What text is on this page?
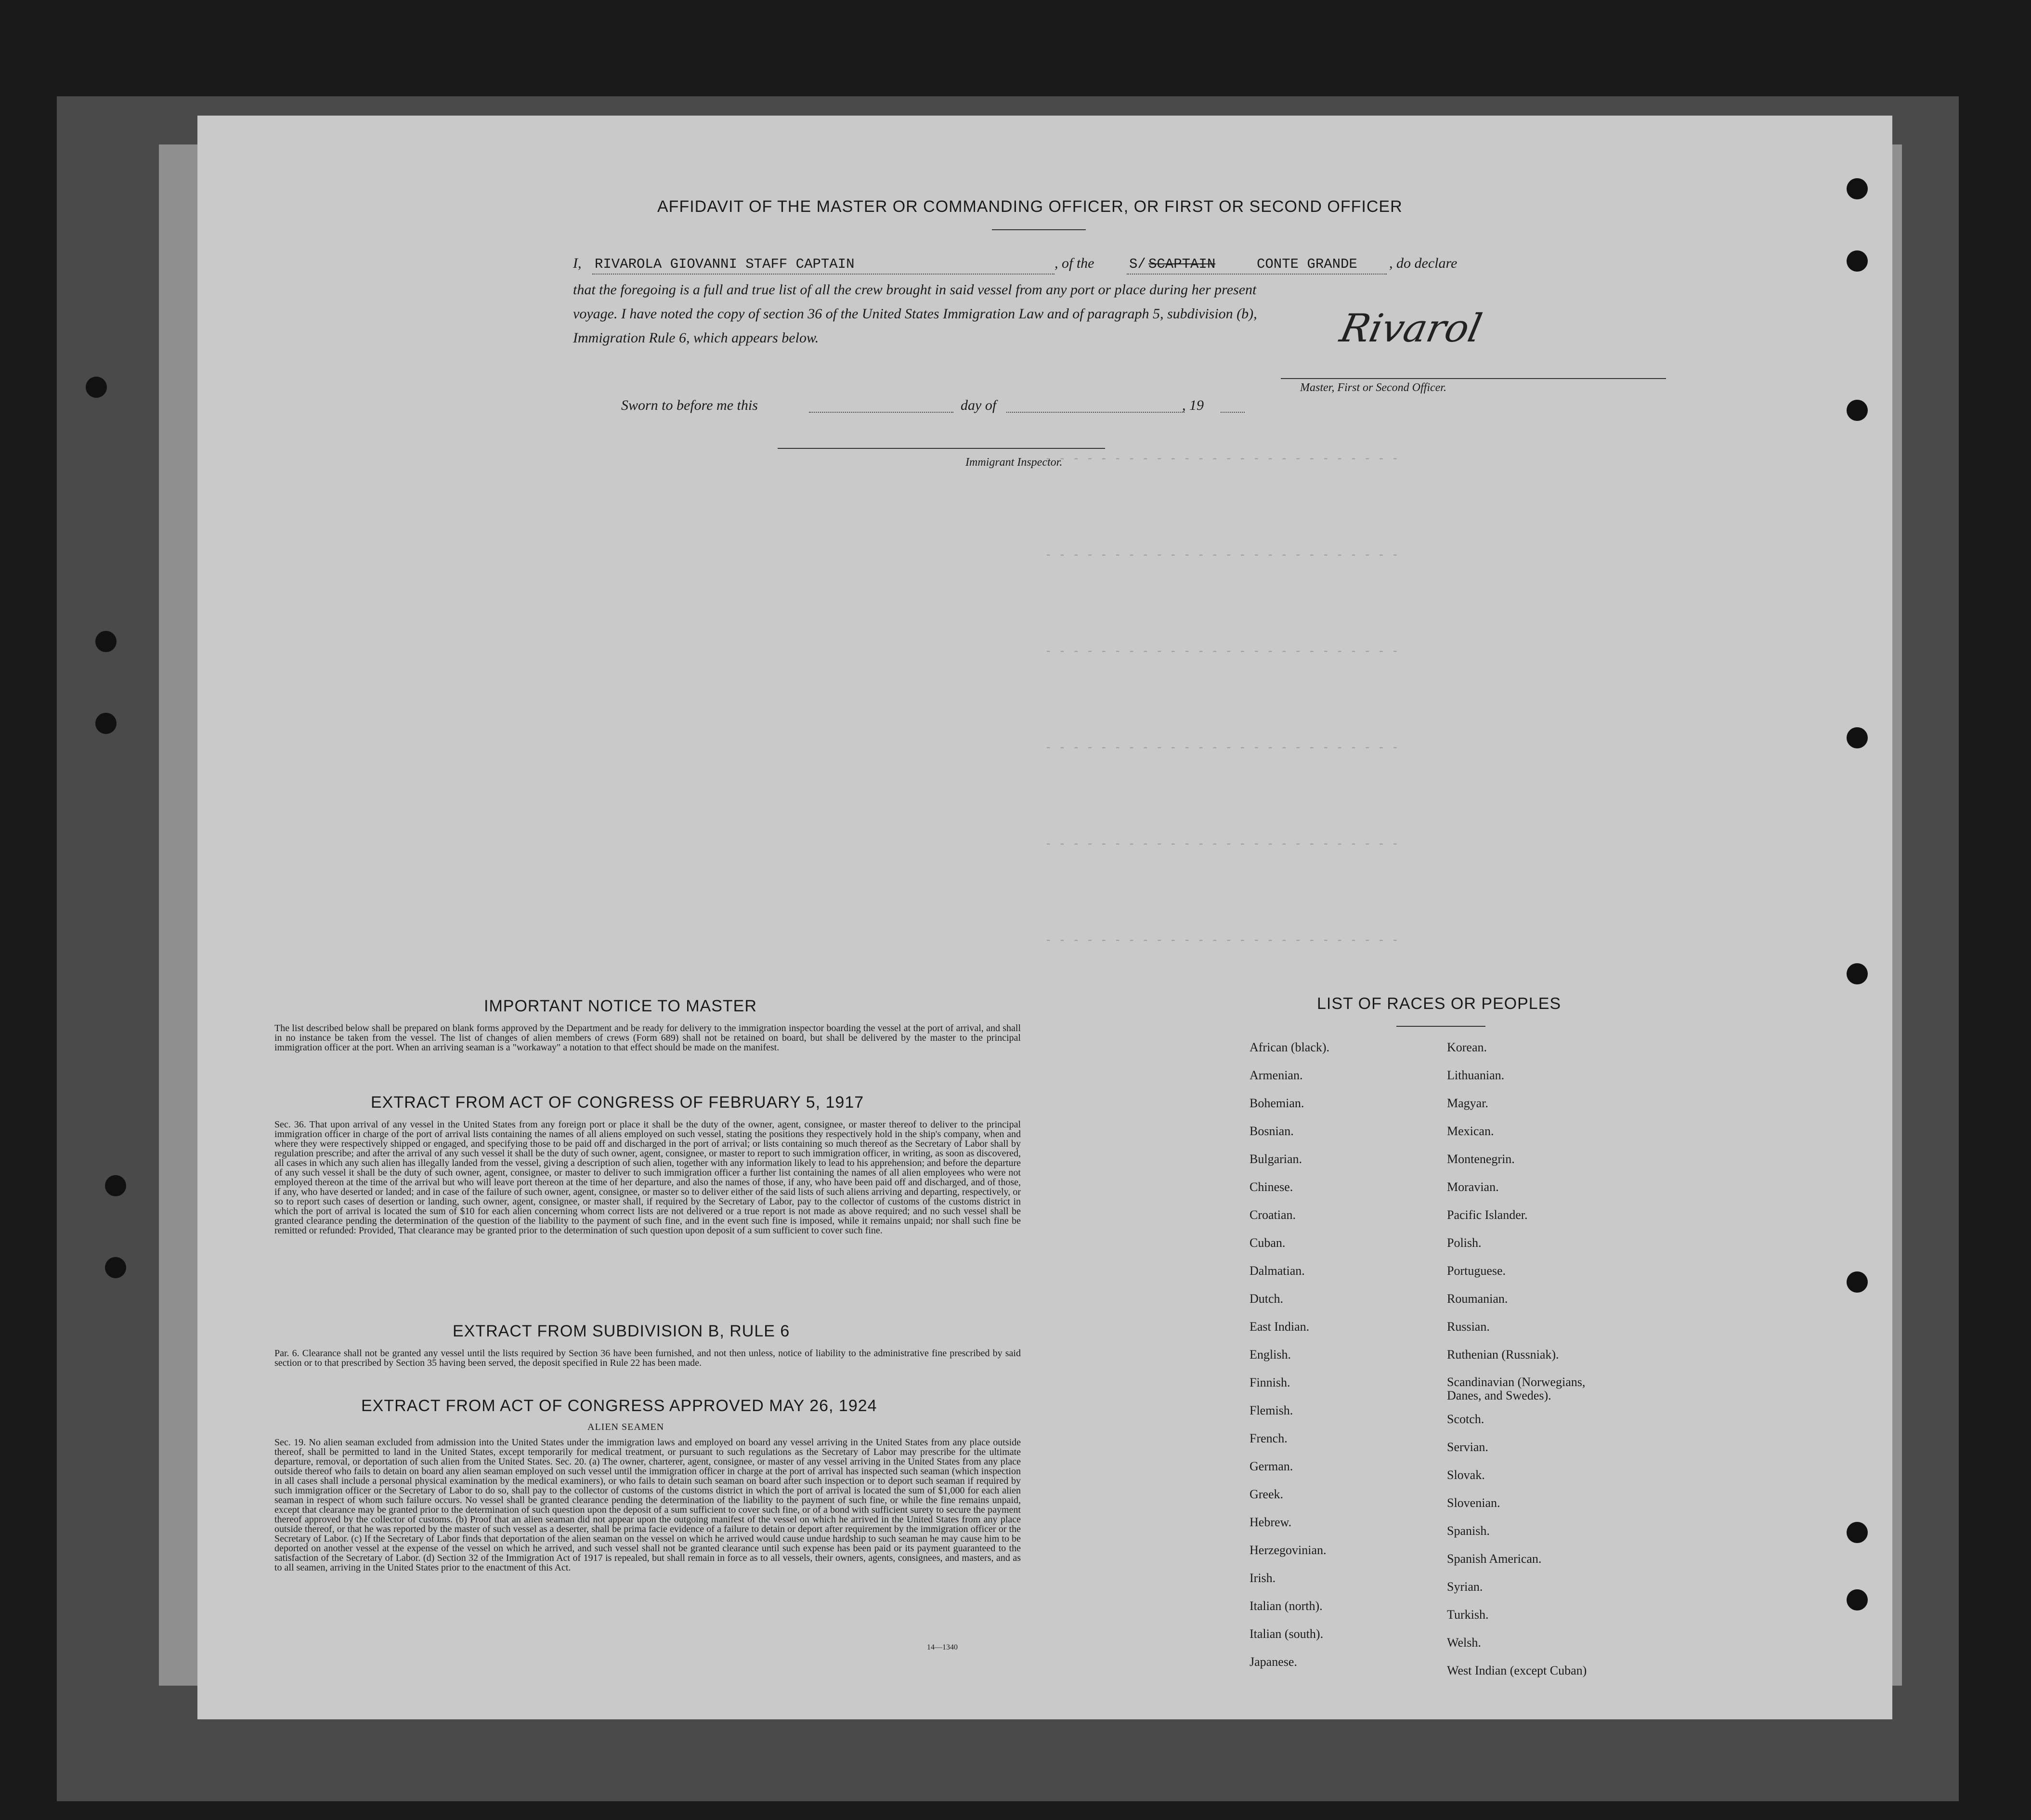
- - - - - - - - - - - - - - - - - - - - - - - - - -
- - - - - - - - - - - - - - - - - - - - - - - - - -
- - - - - - - - - - - - - - - - - - - - - - - - - -
- - - - - - - - - - - - - - - - - - - - - - - - - -
- - - - - - - - - - - - - - - - - - - - - - - - - -
- - - - - - - - - - - - - - - - - - - - - - - - - -
AFFIDAVIT OF THE MASTER OR COMMANDING OFFICER, OR FIRST OR SECOND OFFICER
I, RIVAROLA GIOVANNI STAFF CAPTAIN	, of the	S/ SCAPTAIN	CONTE GRANDE , do declare
that the foregoing is a full and true list of all the crew brought in said vessel from any port or place during her present
voyage. I have noted the copy of section 36 of the United States Immigration Law and of paragraph 5, subdivision (b),
Immigration Rule 6, which appears below.	Rivarol
Master, First or Second Officer.
Sworn to before me this	day of	, 19
Immigrant Inspector.
IMPORTANT NOTICE TO MASTER
The list described below shall be prepared on blank forms approved by the Department and be ready for delivery to the immigration inspector boarding the vessel at the port of arrival, and shall in no instance be taken from the vessel. The list of changes of alien members of crews (Form 689) shall not be retained on board, but shall be delivered by the master to the principal immigration officer at the port. When an arriving seaman is a "workaway" a notation to that effect should be made on the manifest.
EXTRACT FROM ACT OF CONGRESS OF FEBRUARY 5, 1917
Sec. 36. That upon arrival of any vessel in the United States from any foreign port or place it shall be the duty of the owner, agent, consignee, or master thereof to deliver to the principal immigration officer in charge of the port of arrival lists containing the names of all aliens employed on such vessel, stating the positions they respectively hold in the ship's company, when and where they were respectively shipped or engaged, and specifying those to be paid off and discharged in the port of arrival; or lists containing so much thereof as the Secretary of Labor shall by regulation prescribe; and after the arrival of any such vessel it shall be the duty of such owner, agent, consignee, or master to report to such immigration officer, in writing, as soon as discovered, all cases in which any such alien has illegally landed from the vessel, giving a description of such alien, together with any information likely to lead to his apprehension; and before the departure of any such vessel it shall be the duty of such owner, agent, consignee, or master to deliver to such immigration officer a further list containing the names of all alien employees who were not employed thereon at the time of the arrival but who will leave port thereon at the time of her departure, and also the names of those, if any, who have been paid off and discharged, and of those, if any, who have deserted or landed; and in case of the failure of such owner, agent, consignee, or master so to deliver either of the said lists of such aliens arriving and departing, respectively, or so to report such cases of desertion or landing, such owner, agent, consignee, or master shall, if required by the Secretary of Labor, pay to the collector of customs of the customs district in which the port of arrival is located the sum of $10 for each alien concerning whom correct lists are not delivered or a true report is not made as above required; and no such vessel shall be granted clearance pending the determination of the question of the liability to the payment of such fine, and in the event such fine is imposed, while it remains unpaid; nor shall such fine be remitted or refunded: Provided, That clearance may be granted prior to the determination of such question upon deposit of a sum sufficient to cover such fine.
EXTRACT FROM SUBDIVISION B, RULE 6
Par. 6. Clearance shall not be granted any vessel until the lists required by Section 36 have been furnished, and not then unless, notice of liability to the administrative fine prescribed by said section or to that prescribed by Section 35 having been served, the deposit specified in Rule 22 has been made.
EXTRACT FROM ACT OF CONGRESS APPROVED MAY 26, 1924
ALIEN SEAMEN
Sec. 19. No alien seaman excluded from admission into the United States under the immigration laws and employed on board any vessel arriving in the United States from any place outside thereof, shall be permitted to land in the United States, except temporarily for medical treatment, or pursuant to such regulations as the Secretary of Labor may prescribe for the ultimate departure, removal, or deportation of such alien from the United States. Sec. 20. (a) The owner, charterer, agent, consignee, or master of any vessel arriving in the United States from any place outside thereof who fails to detain on board any alien seaman employed on such vessel until the immigration officer in charge at the port of arrival has inspected such seaman (which inspection in all cases shall include a personal physical examination by the medical examiners), or who fails to detain such seaman on board after such inspection or to deport such seaman if required by such immigration officer or the Secretary of Labor to do so, shall pay to the collector of customs of the customs district in which the port of arrival is located the sum of $1,000 for each alien seaman in respect of whom such failure occurs. No vessel shall be granted clearance pending the determination of the liability to the payment of such fine, or while the fine remains unpaid, except that clearance may be granted prior to the determination of such question upon the deposit of a sum sufficient to cover such fine, or of a bond with sufficient surety to secure the payment thereof approved by the collector of customs. (b) Proof that an alien seaman did not appear upon the outgoing manifest of the vessel on which he arrived in the United States from any place outside thereof, or that he was reported by the master of such vessel as a deserter, shall be prima facie evidence of a failure to detain or deport after requirement by the immigration officer or the Secretary of Labor. (c) If the Secretary of Labor finds that deportation of the alien seaman on the vessel on which he arrived would cause undue hardship to such seaman he may cause him to be deported on another vessel at the expense of the vessel on which he arrived, and such vessel shall not be granted clearance until such expense has been paid or its payment guaranteed to the satisfaction of the Secretary of Labor. (d) Section 32 of the Immigration Act of 1917 is repealed, but shall remain in force as to all vessels, their owners, agents, consignees, and masters, and as to all seamen, arriving in the United States prior to the enactment of this Act.
14—1340
LIST OF RACES OR PEOPLES
African (black).
Armenian.
Bohemian.
Bosnian.
Bulgarian.
Chinese.
Croatian.
Cuban.
Dalmatian.
Dutch.
East Indian.
English.
Finnish.
Flemish.
French.
German.
Greek.
Hebrew.
Herzegovinian.
Irish.
Italian (north).
Italian (south).
Japanese.
Korean.
Lithuanian.
Magyar.
Mexican.
Montenegrin.
Moravian.
Pacific Islander.
Polish.
Portuguese.
Roumanian.
Russian.
Ruthenian (Russniak).
Scandinavian (Norwegians, Danes, and Swedes).
Scotch.
Servian.
Slovak.
Slovenian.
Spanish.
Spanish American.
Syrian.
Turkish.
Welsh.
West Indian (except Cuban)
